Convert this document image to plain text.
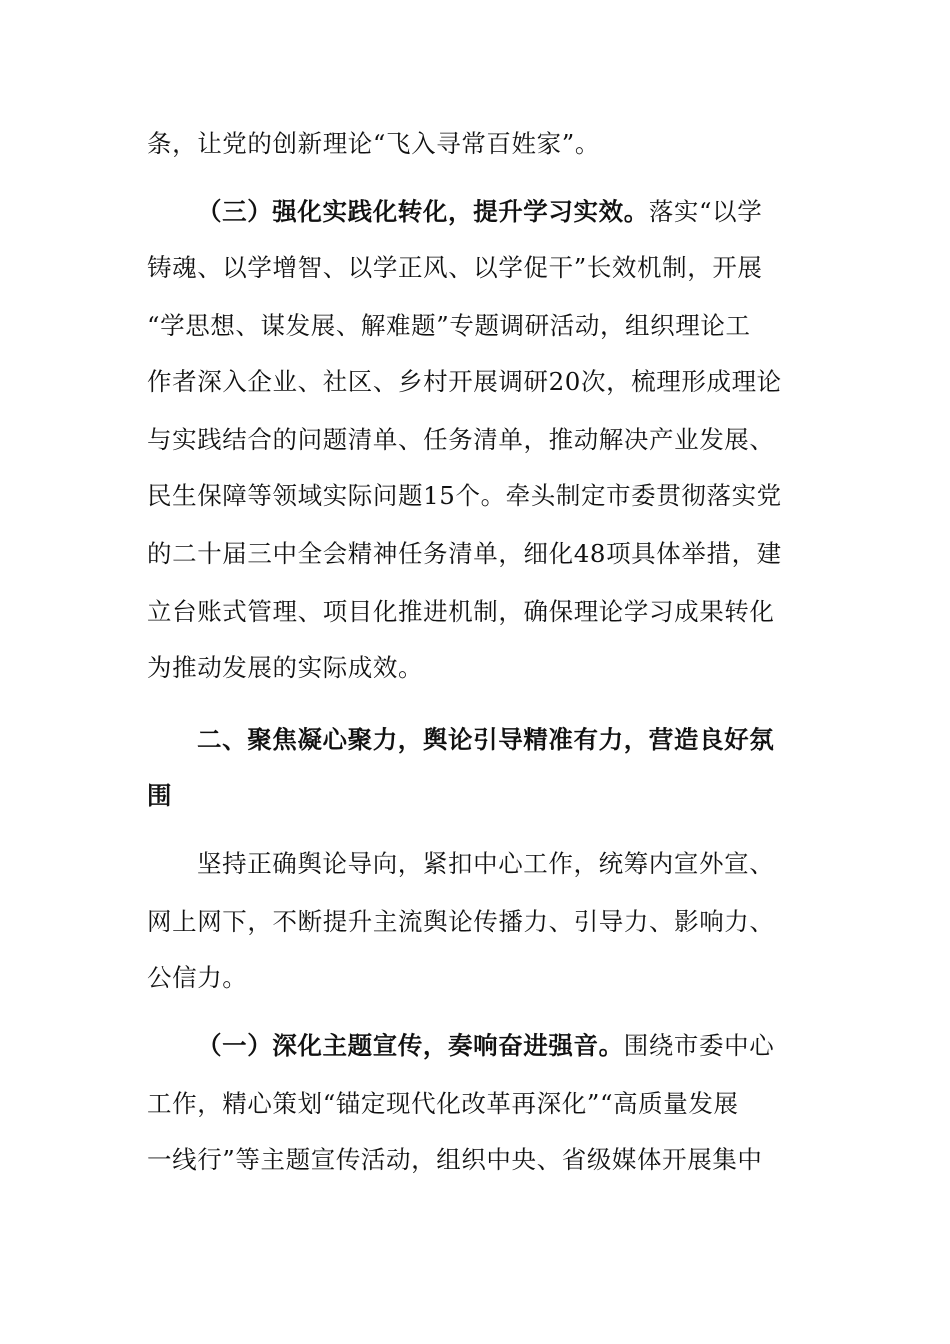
条，让党的创新理论“飞入寻常百姓家”。
（三）强化实践化转化，提升学习实效。落实“以学
铸魂、以学增智、以学正风、以学促干”长效机制，开展
“学思想、谋发展、解难题”专题调研活动，组织理论工
作者深入企业、社区、乡村开展调研20次，梳理形成理论
与实践结合的问题清单、任务清单，推动解决产业发展、
民生保障等领域实际问题15个。牵头制定市委贯彻落实党
的二十届三中全会精神任务清单，细化48项具体举措，建
立台账式管理、项目化推进机制，确保理论学习成果转化
为推动发展的实际成效。
二、聚焦凝心聚力，舆论引导精准有力，营造良好氛
围
坚持正确舆论导向，紧扣中心工作，统筹内宣外宣、
网上网下，不断提升主流舆论传播力、引导力、影响力、
公信力。
（一）深化主题宣传，奏响奋进强音。围绕市委中心
工作，精心策划“锚定现代化改革再深化”“高质量发展
一线行”等主题宣传活动，组织中央、省级媒体开展集中
